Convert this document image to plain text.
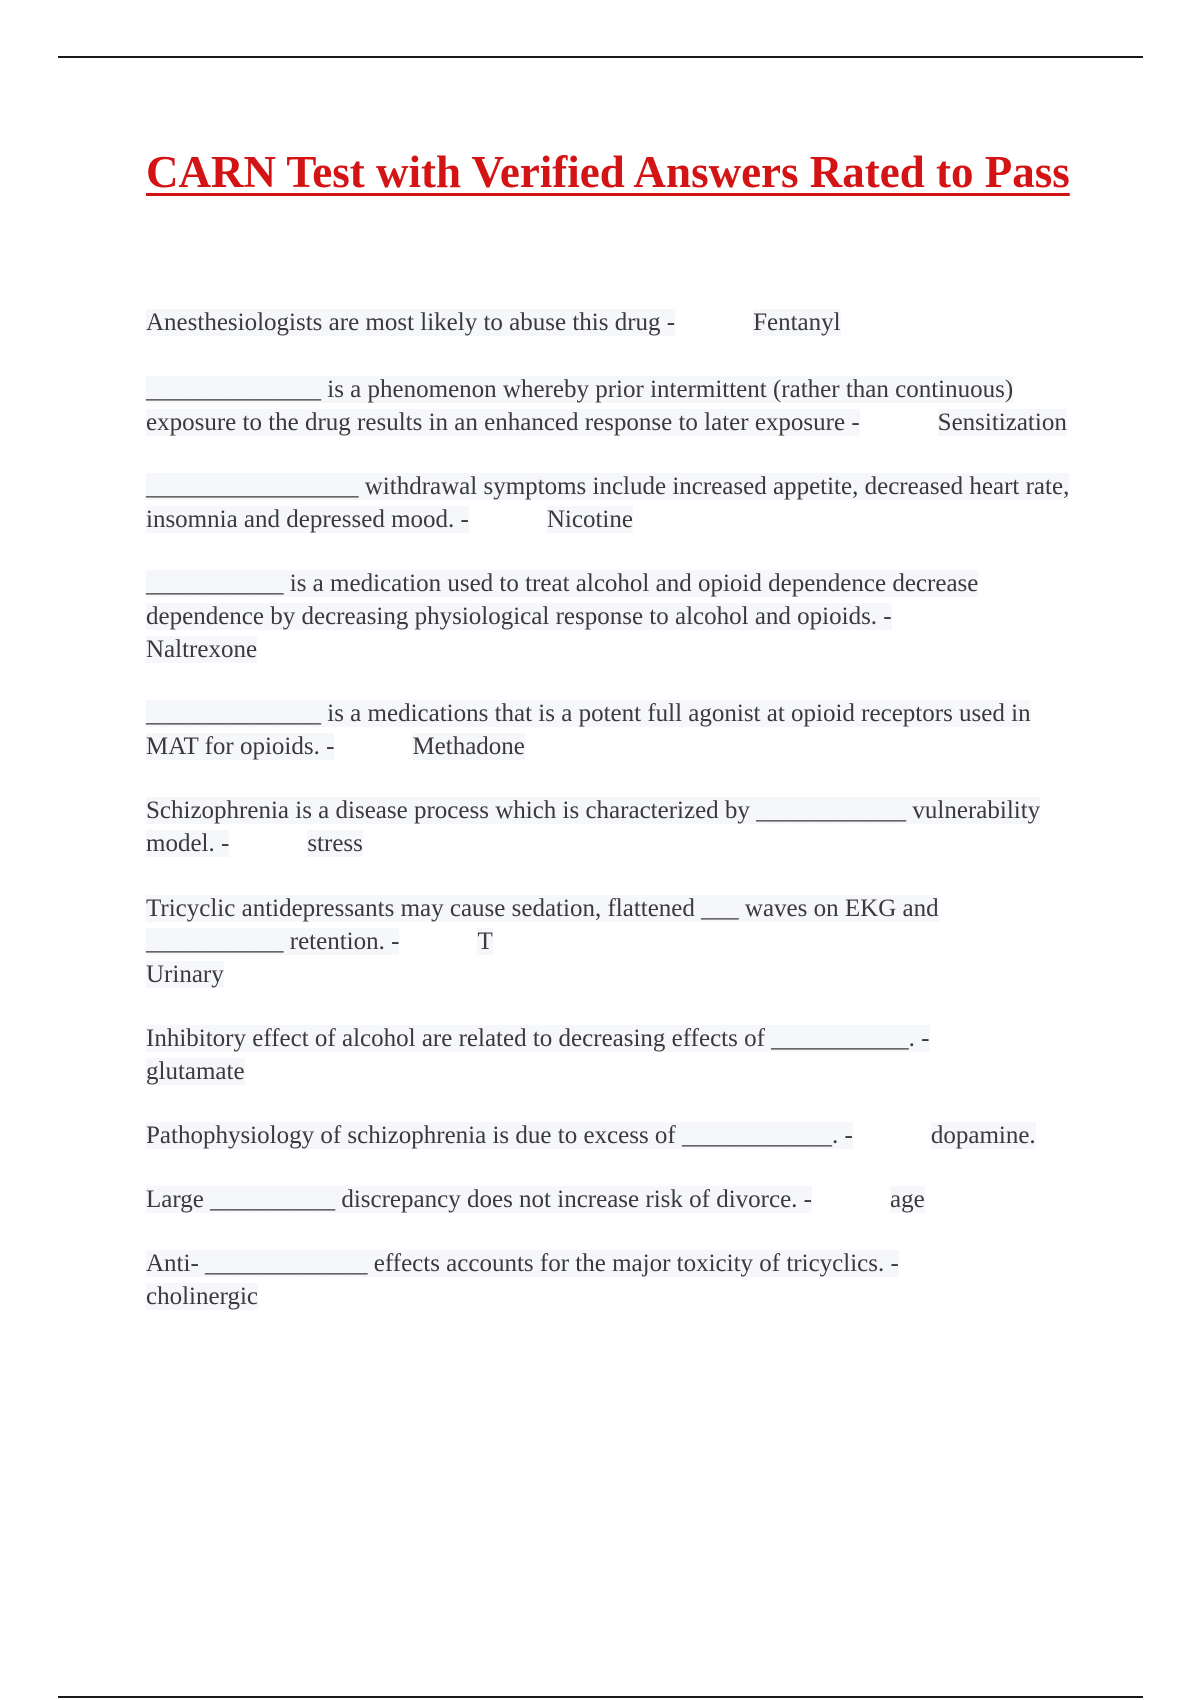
CARN Test with Verified Answers Rated to Pass

Anesthesiologists are most likely to abuse this drug -	Fentanyl

______________ is a phenomenon whereby prior intermittent (rather than continuous) exposure to the drug results in an enhanced response to later exposure -	Sensitization

_________________ withdrawal symptoms include increased appetite, decreased heart rate, insomnia and depressed mood. -	Nicotine

___________ is a medication used to treat alcohol and opioid dependence decrease dependence by decreasing physiological response to alcohol and opioids. -Naltrexone

______________ is a medications that is a potent full agonist at opioid receptors used in MAT for opioids. -	Methadone

Schizophrenia is a disease process which is characterized by ____________ vulnerability model. -	stress

Tricyclic antidepressants may cause sedation, flattened ___ waves on EKG and ___________ retention. -	T
Urinary

Inhibitory effect of alcohol are related to decreasing effects of ___________. -glutamate

Pathophysiology of schizophrenia is due to excess of ____________. -	dopamine.

Large __________ discrepancy does not increase risk of divorce. -	age

Anti- _____________ effects accounts for the major toxicity of tricyclics. -cholinergic
